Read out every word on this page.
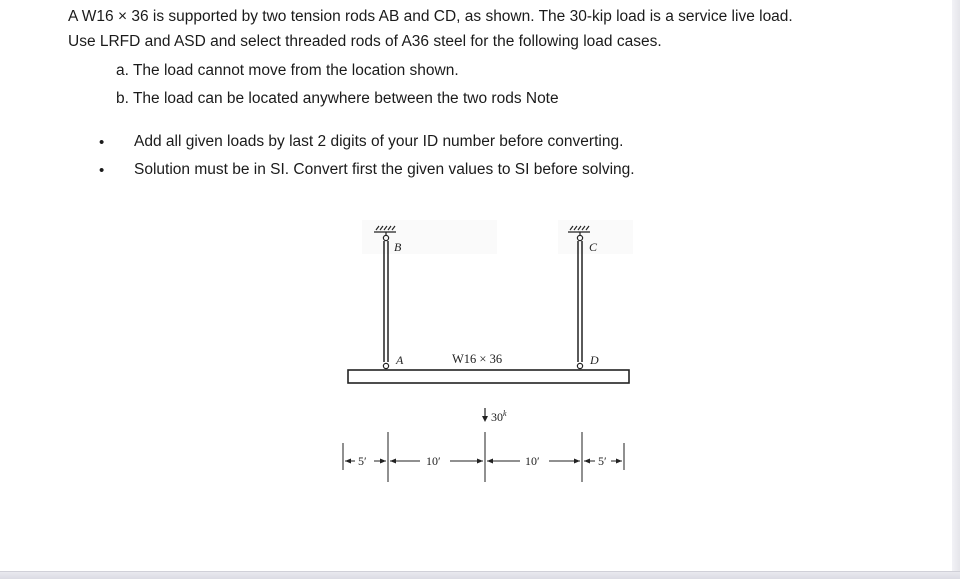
A W16 × 36 is supported by two tension rods AB and CD, as shown. The 30-kip load is a service live load.
Use LRFD and ASD and select threaded rods of A36 steel for the following load cases.
a. The load cannot move from the location shown.
b. The load can be located anywhere between the two rods Note
• Add all given loads by last 2 digits of your ID number before converting.
• Solution must be in SI. Convert first the given values to SI before solving.
B
A
C
D
W16 × 36
30$^k$
5′	10′	10′	5′
